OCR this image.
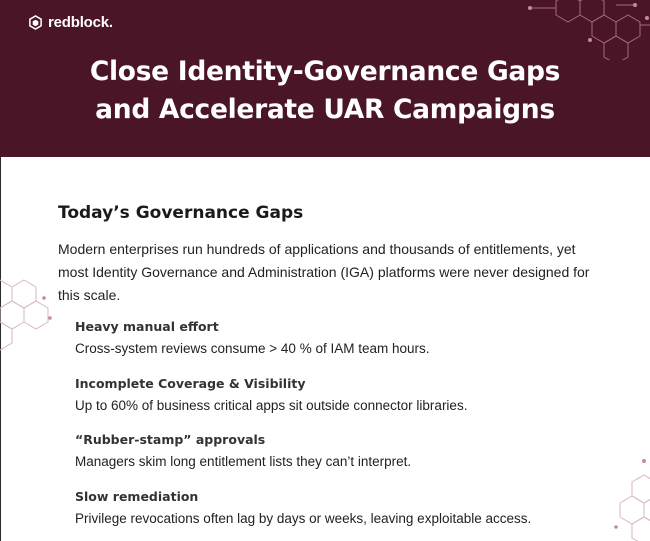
redblock.
Close Identity-Governance Gaps
and Accelerate UAR Campaigns
Today’s Governance Gaps

Modern enterprises run hundreds of applications and thousands of entitlements, yet most Identity Governance and Administration (IGA) platforms were never designed for this scale.

Heavy manual effort

Cross-system reviews consume > 40 % of IAM team hours.

Incomplete Coverage & Visibility

Up to 60% of business critical apps sit outside connector libraries.

“Rubber-stamp” approvals

Managers skim long entitlement lists they can’t interpret.

Slow remediation

Privilege revocations often lag by days or weeks, leaving exploitable access.
